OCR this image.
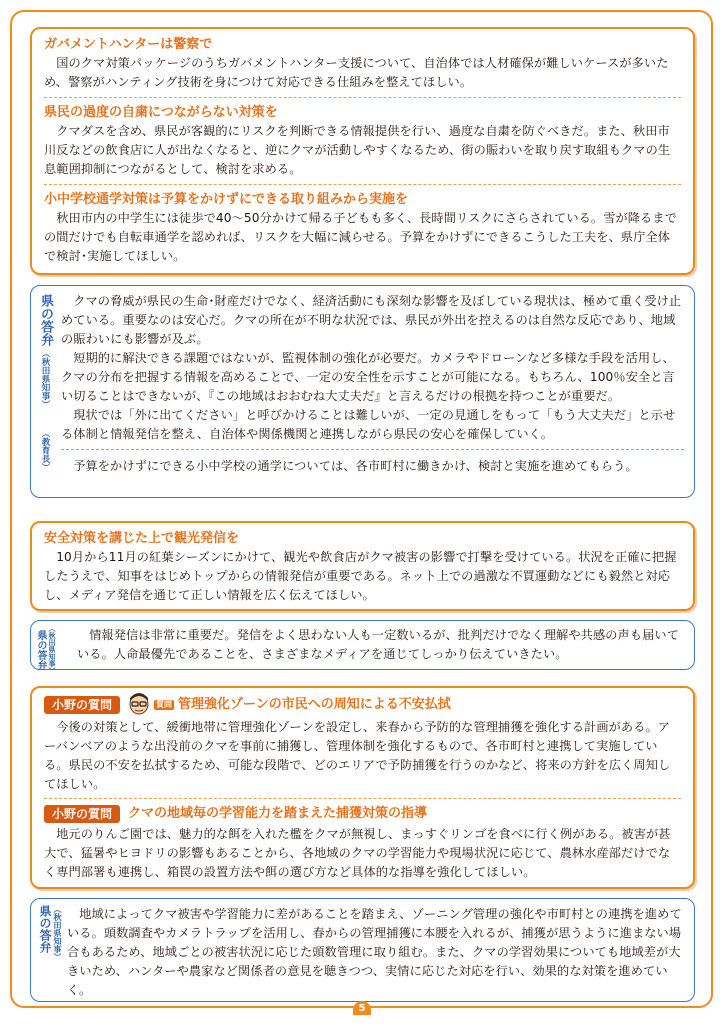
ガバメントハンターは警察で

国のクマ対策パッケージのうちガバメントハンター支援について、自治体では人材確保が難しいケースが多いため、警察がハンティング技術を身につけて対応できる仕組みを整えてほしい。

県民の過度の自粛につながらない対策を

クマダスを含め、県民が客観的にリスクを判断できる情報提供を行い、過度な自粛を防ぐべきだ。また、秋田市川反などの飲食店に人が出なくなると、逆にクマが活動しやすくなるため、街の賑わいを取り戻す取組もクマの生息範囲抑制につながるとして、検討を求める。

小中学校通学対策は予算をかけずにできる取り組みから実施を

秋田市内の中学生には徒歩で40～50分かけて帰る子どもも多く、長時間リスクにさらされている。雪が降るまでの間だけでも自転車通学を認めれば、リスクを大幅に減らせる。予算をかけずにできるこうした工夫を、県庁全体で検討･実施してほしい。

県の答弁
（秋田県知事）
（教育長）

クマの脅威が県民の生命･財産だけでなく、経済活動にも深刻な影響を及ぼしている現状は、極めて重く受け止めている。重要なのは安心だ。クマの所在が不明な状況では、県民が外出を控えるのは自然な反応であり、地域の賑わいにも影響が及ぶ。

短期的に解決できる課題ではないが、監視体制の強化が必要だ。カメラやドローンなど多様な手段を活用し、クマの分布を把握する情報を高めることで、一定の安全性を示すことが可能になる。もちろん、100％安全と言い切ることはできないが、『この地域はおおむね大丈夫だ』と言えるだけの根拠を持つことが重要だ。

現状では「外に出てください」と呼びかけることは難しいが、一定の見通しをもって「もう大丈夫だ」と示せる体制と情報発信を整え、自治体や関係機関と連携しながら県民の安心を確保していく。

予算をかけずにできる小中学校の通学については、各市町村に働きかけ、検討と実施を進めてもらう。

安全対策を講じた上で観光発信を

10月から11月の紅葉シーズンにかけて、観光や飲食店がクマ被害の影響で打撃を受けている。状況を正確に把握したうえで、知事をはじめトップからの情報発信が重要である。ネット上での過激な不買運動などにも毅然と対応し、メディア発信を通じて正しい情報を広く伝えてほしい。

県の答弁 （秋田県知事）	情報発信は非常に重要だ。発信をよく思わない人も一定数いるが、批判だけでなく理解や共感の声も届いている。人命最優先であることを、さまざまなメディアを通じてしっかり伝えていきたい。

小野の質問	質問 管理強化ゾーンの市民への周知による不安払拭

今後の対策として、緩衝地帯に管理強化ゾーンを設定し、来春から予防的な管理捕獲を強化する計画がある。アーバンベアのような出没前のクマを事前に捕獲し、管理体制を強化するもので、各市町村と連携して実施している。県民の不安を払拭するため、可能な段階で、どのエリアで予防捕獲を行うのかなど、将来の方針を広く周知してほしい。

小野の質問	クマの地域毎の学習能力を踏まえた捕獲対策の指導

地元のりんご園では、魅力的な餌を入れた檻をクマが無視し、まっすぐリンゴを食べに行く例がある。被害が甚大で、猛暑やヒヨドリの影響もあることから、各地域のクマの学習能力や現場状況に応じて、農林水産部だけでなく専門部署も連携し、箱罠の設置方法や餌の選び方など具体的な指導を強化してほしい。

県の答弁 （秋田県知事）	地域によってクマ被害や学習能力に差があることを踏まえ、ゾーニング管理の強化や市町村との連携を進めている。頭数調査やカメラトラップを活用し、春からの管理捕獲に本腰を入れるが、捕獲が思うように進まない場合もあるため、地域ごとの被害状況に応じた頭数管理に取り組む。また、クマの学習効果についても地域差が大きいため、ハンターや農家など関係者の意見を聴きつつ、実情に応じた対応を行い、効果的な対策を進めていく。

5
